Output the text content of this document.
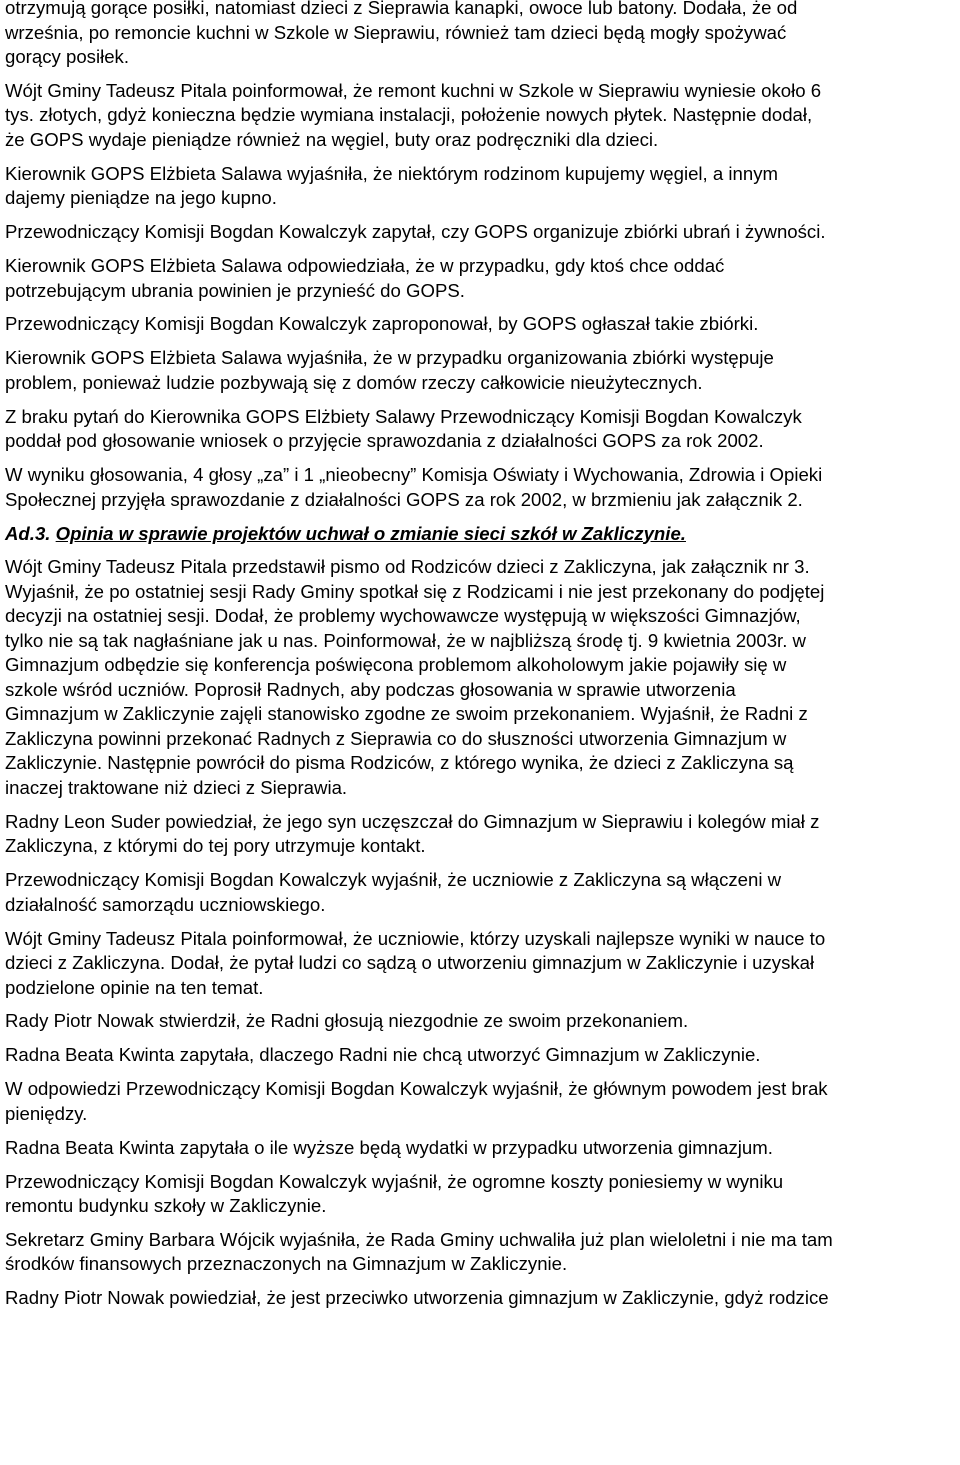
otrzymują gorące posiłki, natomiast dzieci z Sieprawia kanapki, owoce lub batony. Dodała, że od
września, po remoncie kuchni w Szkole w Sieprawiu, również tam dzieci będą mogły spożywać
gorący posiłek.

Wójt Gminy Tadeusz Pitala poinformował, że remont kuchni w Szkole w Sieprawiu wyniesie około 6
tys. złotych, gdyż konieczna będzie wymiana instalacji, położenie nowych płytek. Następnie dodał,
że GOPS wydaje pieniądze również na węgiel, buty oraz podręczniki dla dzieci.

Kierownik GOPS Elżbieta Salawa wyjaśniła, że niektórym rodzinom kupujemy węgiel, a innym
dajemy pieniądze na jego kupno.

Przewodniczący Komisji Bogdan Kowalczyk zapytał, czy GOPS organizuje zbiórki ubrań i żywności.

Kierownik GOPS Elżbieta Salawa odpowiedziała, że w przypadku, gdy ktoś chce oddać
potrzebującym ubrania powinien je przynieść do GOPS.

Przewodniczący Komisji Bogdan Kowalczyk zaproponował, by GOPS ogłaszał takie zbiórki.

Kierownik GOPS Elżbieta Salawa wyjaśniła, że w przypadku organizowania zbiórki występuje
problem, ponieważ ludzie pozbywają się z domów rzeczy całkowicie nieużytecznych.

Z braku pytań do Kierownika GOPS Elżbiety Salawy Przewodniczący Komisji Bogdan Kowalczyk
poddał pod głosowanie wniosek o przyjęcie sprawozdania z działalności GOPS za rok 2002.

W wyniku głosowania, 4 głosy „za” i 1 „nieobecny” Komisja Oświaty i Wychowania, Zdrowia i Opieki
Społecznej przyjęła sprawozdanie z działalności GOPS za rok 2002, w brzmieniu jak załącznik 2.

Ad.3. Opinia w sprawie projektów uchwał o zmianie sieci szkół w Zakliczynie.

Wójt Gminy Tadeusz Pitala przedstawił pismo od Rodziców dzieci z Zakliczyna, jak załącznik nr 3.
Wyjaśnił, że po ostatniej sesji Rady Gminy spotkał się z Rodzicami i nie jest przekonany do podjętej
decyzji na ostatniej sesji. Dodał, że problemy wychowawcze występują w większości Gimnazjów,
tylko nie są tak nagłaśniane jak u nas. Poinformował, że w najbliższą środę tj. 9 kwietnia 2003r. w
Gimnazjum odbędzie się konferencja poświęcona problemom alkoholowym jakie pojawiły się w
szkole wśród uczniów. Poprosił Radnych, aby podczas głosowania w sprawie utworzenia
Gimnazjum w Zakliczynie zajęli stanowisko zgodne ze swoim przekonaniem. Wyjaśnił, że Radni z
Zakliczyna powinni przekonać Radnych z Sieprawia co do słuszności utworzenia Gimnazjum w
Zakliczynie. Następnie powrócił do pisma Rodziców, z którego wynika, że dzieci z Zakliczyna są
inaczej traktowane niż dzieci z Sieprawia.

Radny Leon Suder powiedział, że jego syn uczęszczał do Gimnazjum w Sieprawiu i kolegów miał z
Zakliczyna, z którymi do tej pory utrzymuje kontakt.

Przewodniczący Komisji Bogdan Kowalczyk wyjaśnił, że uczniowie z Zakliczyna są włączeni w
działalność samorządu uczniowskiego.

Wójt Gminy Tadeusz Pitala poinformował, że uczniowie, którzy uzyskali najlepsze wyniki w nauce to
dzieci z Zakliczyna. Dodał, że pytał ludzi co sądzą o utworzeniu gimnazjum w Zakliczynie i uzyskał
podzielone opinie na ten temat.

Rady Piotr Nowak stwierdził, że Radni głosują niezgodnie ze swoim przekonaniem.

Radna Beata Kwinta zapytała, dlaczego Radni nie chcą utworzyć Gimnazjum w Zakliczynie.

W odpowiedzi Przewodniczący Komisji Bogdan Kowalczyk wyjaśnił, że głównym powodem jest brak
pieniędzy.

Radna Beata Kwinta zapytała o ile wyższe będą wydatki w przypadku utworzenia gimnazjum.

Przewodniczący Komisji Bogdan Kowalczyk wyjaśnił, że ogromne koszty poniesiemy w wyniku
remontu budynku szkoły w Zakliczynie.

Sekretarz Gminy Barbara Wójcik wyjaśniła, że Rada Gminy uchwaliła już plan wieloletni i nie ma tam
środków finansowych przeznaczonych na Gimnazjum w Zakliczynie.

Radny Piotr Nowak powiedział, że jest przeciwko utworzenia gimnazjum w Zakliczynie, gdyż rodzice
